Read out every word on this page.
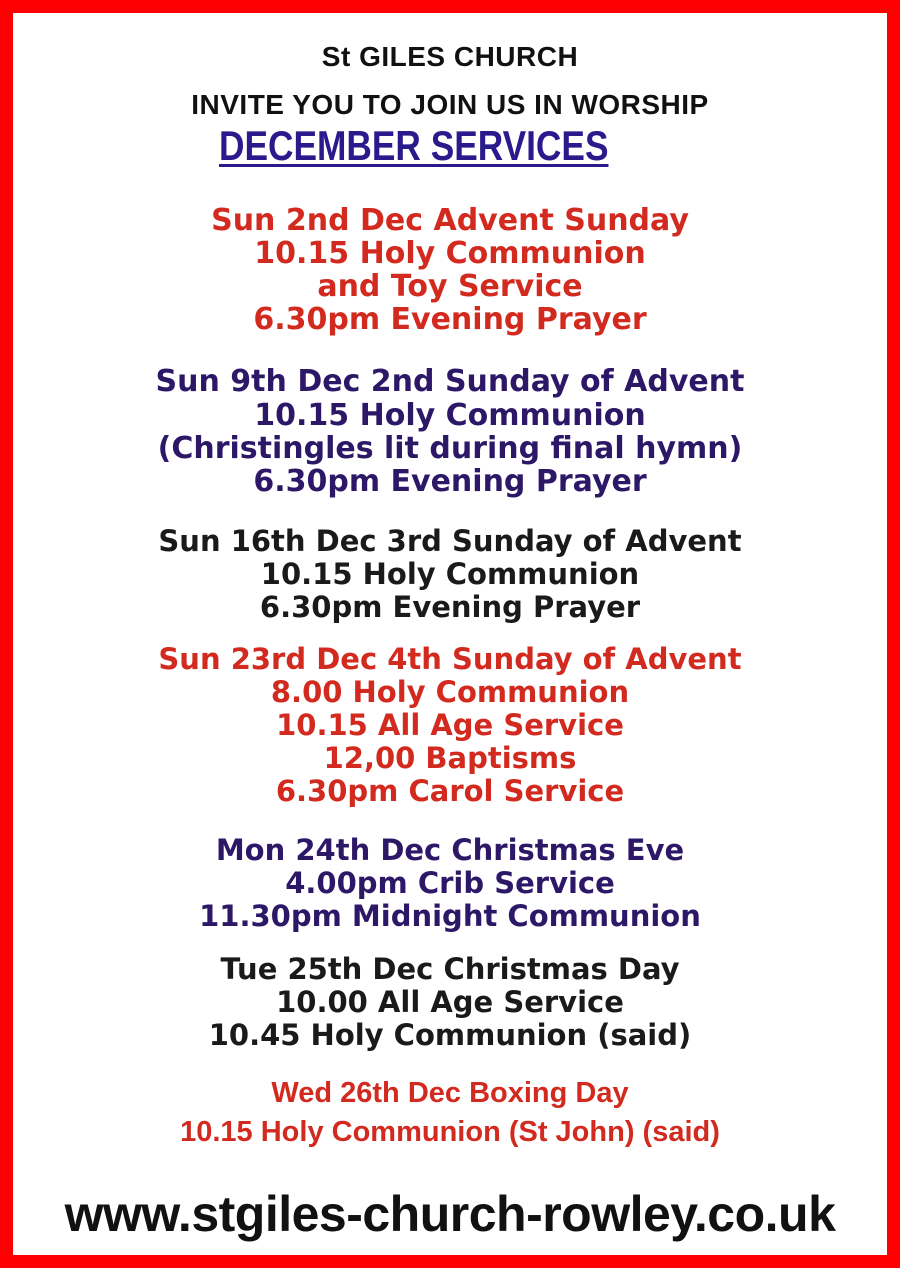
St GILES CHURCH
INVITE YOU TO JOIN US IN WORSHIP
DECEMBER SERVICES
Sun 2nd Dec Advent Sunday
10.15 Holy Communion
and Toy Service
6.30pm Evening Prayer
Sun 9th Dec 2nd Sunday of Advent
10.15 Holy Communion
(Christingles lit during final hymn)
6.30pm Evening Prayer
Sun 16th Dec 3rd Sunday of Advent
10.15 Holy Communion
6.30pm Evening Prayer
Sun 23rd Dec 4th Sunday of Advent
8.00 Holy Communion
10.15 All Age Service
12,00 Baptisms
6.30pm Carol Service
Mon 24th Dec Christmas Eve
4.00pm Crib Service
11.30pm Midnight Communion
Tue 25th Dec Christmas Day
10.00 All Age Service
10.45 Holy Communion (said)
Wed 26th Dec Boxing Day
10.15 Holy Communion (St John) (said)
www.stgiles-church-rowley.co.uk
